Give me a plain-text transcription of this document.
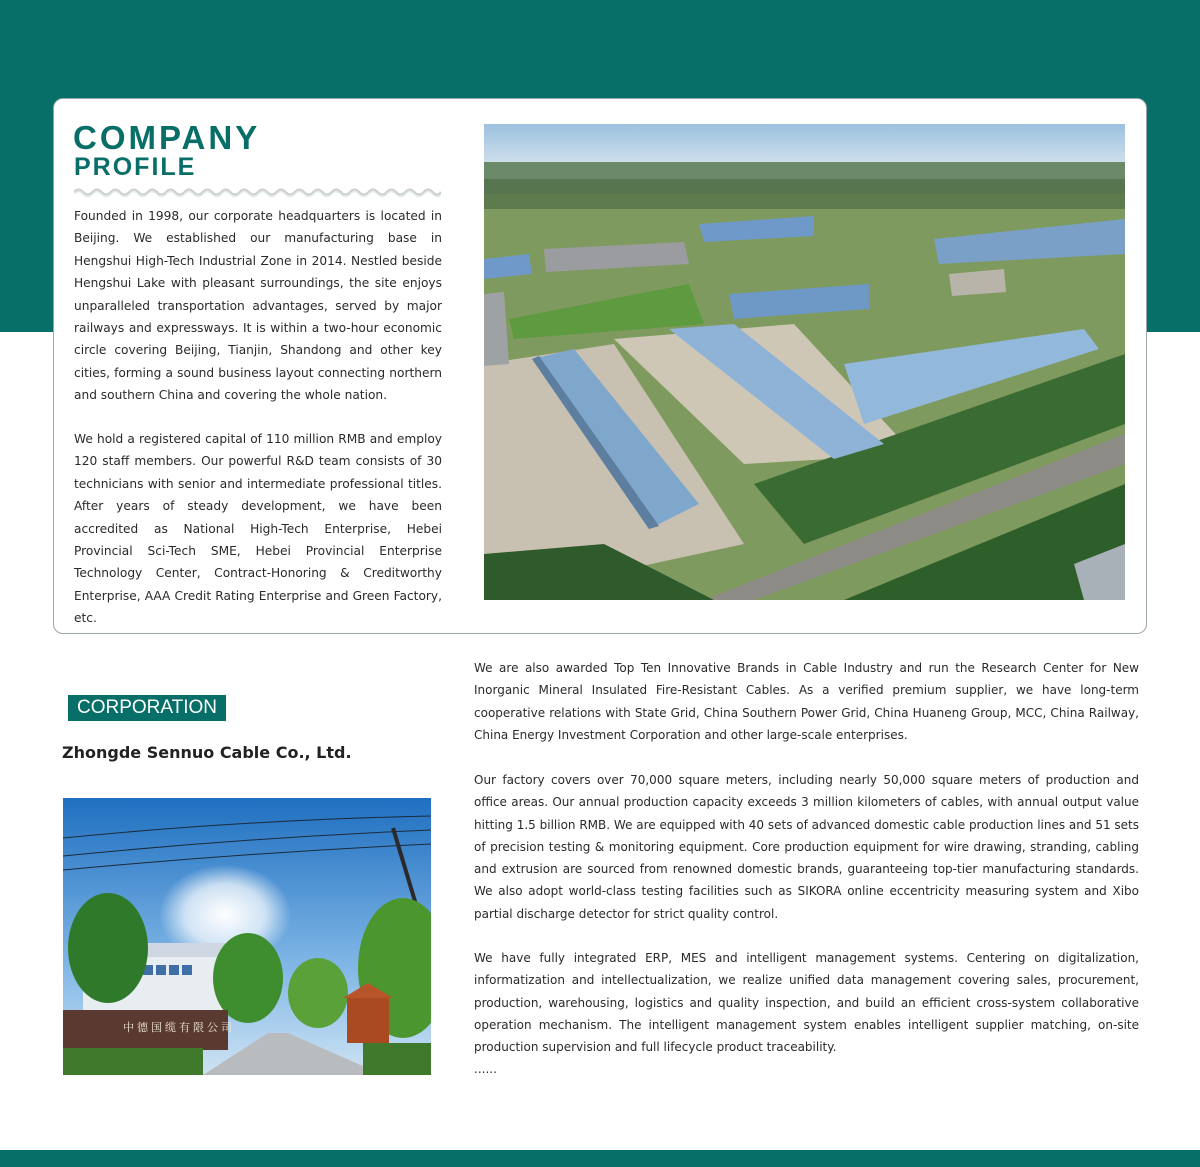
COMPANY
PROFILE

Founded in 1998, our corporate headquarters is located in Beijing. We established our manufacturing base in Hengshui High-Tech Industrial Zone in 2014. Nestled beside Hengshui Lake with pleasant surroundings, the site enjoys unparalleled transportation advantages, served by major railways and expressways. It is within a two-hour economic circle covering Beijing, Tianjin, Shandong and other key cities, forming a sound business layout connecting northern and southern China and covering the whole nation.

We hold a registered capital of 110 million RMB and employ 120 staff members. Our powerful R&D team consists of 30 technicians with senior and intermediate professional titles. After years of steady development, we have been accredited as National High-Tech Enterprise, Hebei Provincial Sci-Tech SME, Hebei Provincial Enterprise Technology Center, Contract-Honoring & Creditworthy Enterprise, AAA Credit Rating Enterprise and Green Factory, etc.

CORPORATION
Zhongde Sennuo Cable Co., Ltd.
中德国缆有限公司

We are also awarded Top Ten Innovative Brands in Cable Industry and run the Research Center for New Inorganic Mineral Insulated Fire-Resistant Cables. As a verified premium supplier, we have long-term cooperative relations with State Grid, China Southern Power Grid, China Huaneng Group, MCC, China Railway, China Energy Investment Corporation and other large-scale enterprises.

Our factory covers over 70,000 square meters, including nearly 50,000 square meters of production and office areas. Our annual production capacity exceeds 3 million kilometers of cables, with annual output value hitting 1.5 billion RMB. We are equipped with 40 sets of advanced domestic cable production lines and 51 sets of precision testing & monitoring equipment. Core production equipment for wire drawing, stranding, cabling and extrusion are sourced from renowned domestic brands, guaranteeing top-tier manufacturing standards. We also adopt world-class testing facilities such as SIKORA online eccentricity measuring system and Xibo partial discharge detector for strict quality control.

We have fully integrated ERP, MES and intelligent management systems. Centering on digitalization, informatization and intellectualization, we realize unified data management covering sales, procurement, production, warehousing, logistics and quality inspection, and build an efficient cross-system collaborative operation mechanism. The intelligent management system enables intelligent supplier matching, on-site production supervision and full lifecycle product traceability.

......
